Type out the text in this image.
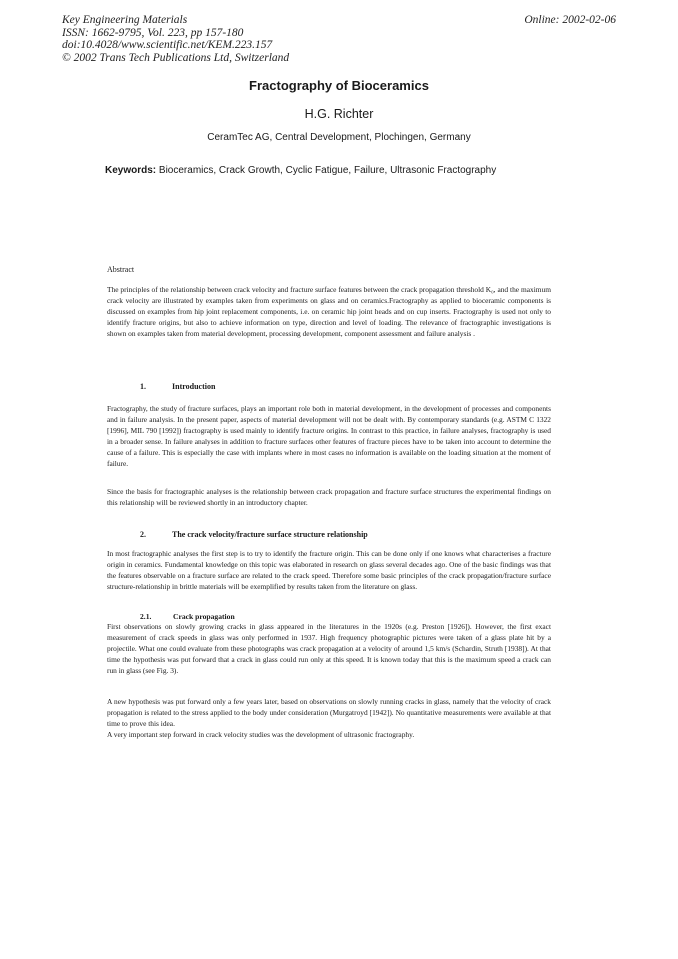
Key Engineering Materials
ISSN: 1662-9795, Vol. 223, pp 157-180
doi:10.4028/www.scientific.net/KEM.223.157
© 2002 Trans Tech Publications Ltd, Switzerland
Online: 2002-02-06
Fractography of Bioceramics
H.G. Richter
CeramTec AG, Central Development, Plochingen, Germany
Keywords: Bioceramics, Crack Growth, Cyclic Fatigue, Failure, Ultrasonic Fractography
Abstract
The principles of the relationship between crack velocity and fracture surface features between the crack propagation threshold K₀, and the maximum crack velocity are illustrated by examples taken from experiments on glass and on ceramics.Fractography as applied to bioceramic components is discussed on examples from hip joint replacement components, i.e. on ceramic hip joint heads and on cup inserts. Fractography is used not only to identify fracture origins, but also to achieve information on type, direction and level of loading. The relevance of fractographic investigations is shown on examples taken from material development, processing development, component assessment and failure analysis .
1.	Introduction
Fractography, the study of fracture surfaces, plays an important role both in material development, in the development of processes and components and in failure analysis. In the present paper, aspects of material development will not be dealt with. By contemporary standards (e.g. ASTM C 1322 [1996], MIL 790 [1992]) fractography is used mainly to identify fracture origins. In contrast to this practice, in failure analyses, fractography is used in a broader sense. In failure analyses in addition to fracture surfaces other features of fracture pieces have to be taken into account to determine the cause of a failure. This is especially the case with implants where in most cases no information is available on the loading situation at the moment of failure.
Since the basis for fractographic analyses is the relationship between crack propagation and fracture surface structures the experimental findings on this relationship will be reviewed shortly in an introductory chapter.
2.	The crack velocity/fracture surface structure relationship
In most fractographic analyses the first step is to try to identify the fracture origin. This can be done only if one knows what characterises a fracture origin in ceramics. Fundamental knowledge on this topic was elaborated in research on glass several decades ago. One of the basic findings was that the features observable on a fracture surface are related to the crack speed. Therefore some basic principles of the crack propagation/fracture surface structure-relationship in brittle materials will be exemplified by results taken from the literature on glass.
2.1.	Crack propagation
First observations on slowly growing cracks in glass appeared in the literatures in the 1920s (e.g. Preston [1926]). However, the first exact measurement of crack speeds in glass was only performed in 1937. High frequency photographic pictures were taken of a glass plate hit by a projectile. What one could evaluate from these photographs was crack propagation at a velocity of around 1,5 km/s (Schardin, Struth [1938]). At that time the hypothesis was put forward that a crack in glass could run only at this speed. It is known today that this is the maximum speed a crack can run in glass (see Fig. 3).
A new hypothesis was put forward only a few years later, based on observations on slowly running cracks in glass, namely that the velocity of crack propagation is related to the stress applied to the body under consideration (Murgatroyd [1942]). No quantitative measurements were available at that time to prove this idea.
A very important step forward in crack velocity studies was the development of ultrasonic fractography.
